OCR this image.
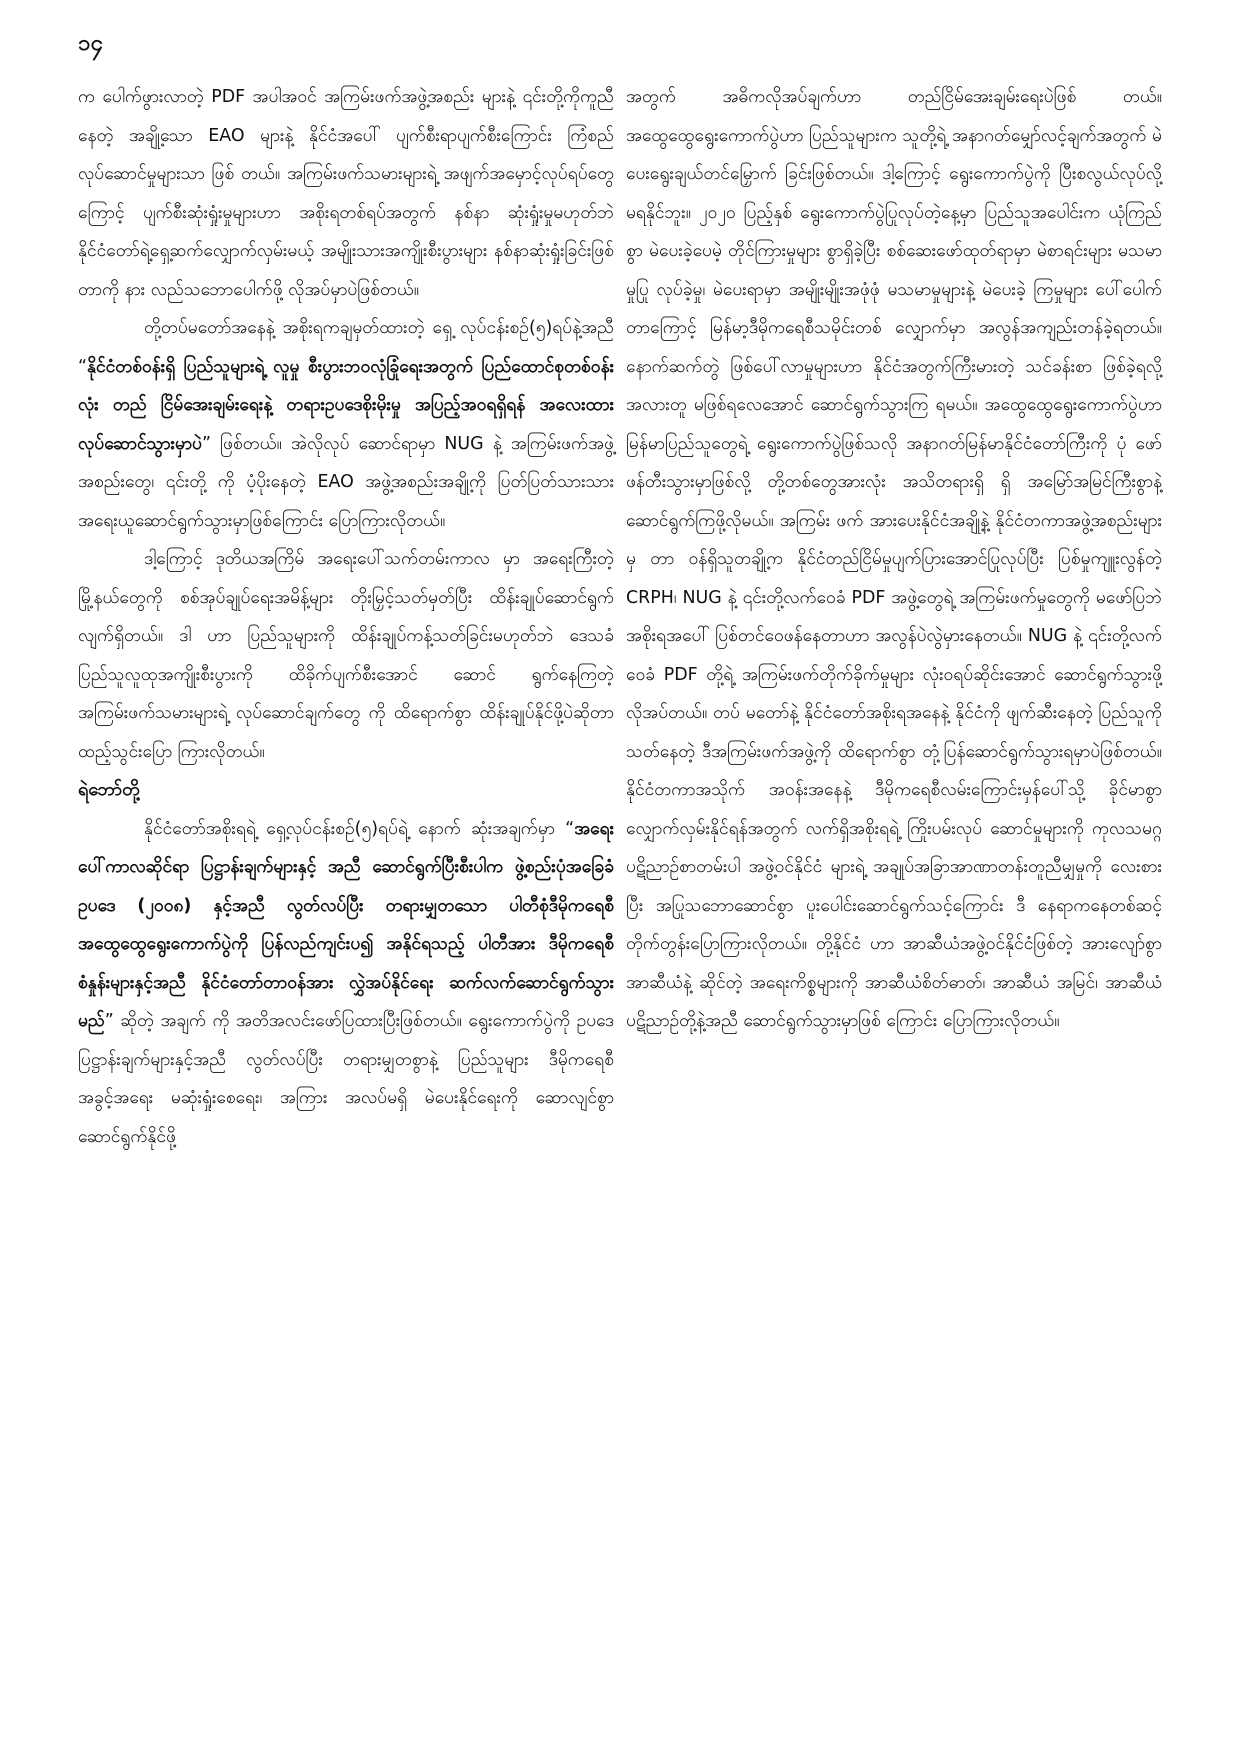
၁၄

က ပေါက်ဖွားလာတဲ့ PDF အပါအဝင် အကြမ်းဖက်အဖွဲ့အစည်း များနဲ့ ၎င်းတို့ကိုကူညီနေတဲ့ အချို့သော EAO များနဲ့ နိုင်ငံအပေါ် ပျက်စီးရာပျက်စီးကြောင်း ကြံစည်လုပ်ဆောင်မှုများသာ ဖြစ် တယ်။ အကြမ်းဖက်သမားများရဲ့ အဖျက်အမှောင့်လုပ်ရပ်တွေ ကြောင့် ပျက်စီးဆုံးရှုံးမှုများဟာ အစိုးရတစ်ရပ်အတွက် နစ်နာ ဆုံးရှုံးမှုမဟုတ်ဘဲ နိုင်ငံတော်ရဲ့ရှေ့ဆက်လျှောက်လှမ်းမယ့် အမျိုးသားအကျိုးစီးပွားများ နစ်နာဆုံးရှုံးခြင်းဖြစ်တာကို နား လည်သဘောပေါက်ဖို့ လိုအပ်မှာပဲဖြစ်တယ်။

တို့တပ်မတော်အနေနဲ့ အစိုးရကချမှတ်ထားတဲ့ ရှေ့ လုပ်ငန်းစဉ်(၅)ရပ်နဲ့အညီ “နိုင်ငံတစ်ဝန်းရှိ ပြည်သူများရဲ့ လူမှု စီးပွားဘဝလုံခြုံရေးအတွက် ပြည်ထောင်စုတစ်ဝန်းလုံး တည် ငြိမ်အေးချမ်းရေးနဲ့ တရားဥပဒေစိုးမိုးမှု အပြည့်အဝရရှိရန် အလေးထား လုပ်ဆောင်သွားမှာပဲ” ဖြစ်တယ်။ အဲလိုလုပ် ဆောင်ရာမှာ NUG နဲ့ အကြမ်းဖက်အဖွဲ့အစည်းတွေ၊ ၎င်းတို့ ကို ပံ့ပိုးနေတဲ့ EAO အဖွဲ့အစည်းအချို့ကို ပြတ်ပြတ်သားသား အရေးယူဆောင်ရွက်သွားမှာဖြစ်ကြောင်း ပြောကြားလိုတယ်။

ဒါ့ကြောင့် ဒုတိယအကြိမ် အရေးပေါ်သက်တမ်းကာလ မှာ အရေးကြီးတဲ့ မြို့နယ်တွေကို စစ်အုပ်ချုပ်ရေးအမိန့်များ တိုးမြှင့်သတ်မှတ်ပြီး ထိန်းချုပ်ဆောင်ရွက်လျက်ရှိတယ်။ ဒါ ဟာ ပြည်သူများကို ထိန်းချုပ်ကန့်သတ်ခြင်းမဟုတ်ဘဲ ဒေသခံ ပြည်သူလူထုအကျိုးစီးပွားကို ထိခိုက်ပျက်စီးအောင် ဆောင် ရွက်နေကြတဲ့ အကြမ်းဖက်သမားများရဲ့ လုပ်ဆောင်ချက်တွေ ကို ထိရောက်စွာ ထိန်းချုပ်နိုင်ဖို့ပဲဆိုတာ ထည့်သွင်းပြော ကြားလိုတယ်။

ရဲဘော်တို့

နိုင်ငံတော်အစိုးရရဲ့ ရှေ့လုပ်ငန်းစဉ်(၅)ရပ်ရဲ့ နောက် ဆုံးအချက်မှာ “အရေးပေါ်ကာလဆိုင်ရာ ပြဋ္ဌာန်းချက်များနှင့် အညီ ဆောင်ရွက်ပြီးစီးပါက ဖွဲ့စည်းပုံအခြေခံဥပဒေ (၂၀၀၈) နှင့်အညီ လွတ်လပ်ပြီး တရားမျှတသော ပါတီစုံဒီမိုကရေစီ အထွေထွေရွေးကောက်ပွဲကို ပြန်လည်ကျင်းပ၍ အနိုင်ရသည့် ပါတီအား ဒီမိုကရေစီစံနှုန်းများနှင့်အညီ နိုင်ငံတော်တာဝန်အား လွှဲအပ်နိုင်ရေး ဆက်လက်ဆောင်ရွက်သွားမည်” ဆိုတဲ့ အချက် ကို အတိအလင်းဖော်ပြထားပြီးဖြစ်တယ်။ ရွေးကောက်ပွဲကို ဥပဒေပြဋ္ဌာန်းချက်များနှင့်အညီ လွတ်လပ်ပြီး တရားမျှတစွာနဲ့ ပြည်သူများ ဒီမိုကရေစီအခွင့်အရေး မဆုံးရှုံးစေရေး၊ အကြား အလပ်မရှိ မဲပေးနိုင်ရေးကို ဆောလျင်စွာ ဆောင်ရွက်နိုင်ဖို့

အတွက် အဓိကလိုအပ်ချက်ဟာ တည်ငြိမ်အေးချမ်းရေးပဲဖြစ် တယ်။ အထွေထွေရွေးကောက်ပွဲဟာ ပြည်သူများက သူတို့ရဲ့ အနာဂတ်မျှော်လင့်ချက်အတွက် မဲပေးရွေးချယ်တင်မြှောက် ခြင်းဖြစ်တယ်။ ဒါ့ကြောင့် ရွေးကောက်ပွဲကို ပြီးစလွယ်လုပ်လို့ မရနိုင်ဘူး။ ၂၀၂၀ ပြည့်နှစ် ရွေးကောက်ပွဲပြုလုပ်တဲ့နေ့မှာ ပြည်သူအပေါင်းက ယုံကြည်စွာ မဲပေးခဲ့ပေမဲ့ တိုင်ကြားမှုများ စွာရှိခဲ့ပြီး စစ်ဆေးဖော်ထုတ်ရာမှာ မဲစာရင်းများ မသမာမှုပြု လုပ်ခဲ့မှု၊ မဲပေးရာမှာ အမျိုးမျိုးအဖုံဖုံ မသမာမှုများနဲ့ မဲပေးခဲ့ ကြမှုများ ပေါ်ပေါက်တာကြောင့် မြန်မာ့ဒီမိုကရေစီသမိုင်းတစ် လျှောက်မှာ အလွန်အကျည်းတန်ခဲ့ရတယ်။ နောက်ဆက်တွဲ ဖြစ်ပေါ်လာမှုများဟာ နိုင်ငံအတွက်ကြီးမားတဲ့ သင်ခန်းစာ ဖြစ်ခဲ့ရလို့ အလားတူ မဖြစ်ရလေအောင် ဆောင်ရွက်သွားကြ ရမယ်။ အထွေထွေရွေးကောက်ပွဲဟာ မြန်မာပြည်သူတွေရဲ့ ရွေးကောက်ပွဲဖြစ်သလို အနာဂတ်မြန်မာနိုင်ငံတော်ကြီးကို ပုံ ဖော်ဖန်တီးသွားမှာဖြစ်လို့ တို့တစ်တွေအားလုံး အသိတရားရှိ ရှိ အမြော်အမြင်ကြီးစွာနဲ့ ဆောင်ရွက်ကြဖို့လိုမယ်။ အကြမ်း ဖက် အားပေးနိုင်ငံအချို့နဲ့ နိုင်ငံတကာအဖွဲ့အစည်းများမှ တာ ဝန်ရှိသူတချို့က နိုင်ငံတည်ငြိမ်မှုပျက်ပြားအောင်ပြုလုပ်ပြီး ပြစ်မှုကျူးလွန်တဲ့ CRPH၊ NUG နဲ့ ၎င်းတို့လက်ဝေခံ PDF အဖွဲ့တွေရဲ့ အကြမ်းဖက်မှုတွေကို မဖော်ပြဘဲ အစိုးရအပေါ် ပြစ်တင်ဝေဖန်နေတာဟာ အလွန်ပဲလွဲမှားနေတယ်။ NUG နဲ့ ၎င်းတို့လက်ဝေခံ PDF တို့ရဲ့ အကြမ်းဖက်တိုက်ခိုက်မှုများ လုံးဝရပ်ဆိုင်းအောင် ဆောင်ရွက်သွားဖို့ လိုအပ်တယ်။ တပ် မတော်နဲ့ နိုင်ငံတော်အစိုးရအနေနဲ့ နိုင်ငံကို ဖျက်ဆီးနေတဲ့ ပြည်သူကို သတ်နေတဲ့ ဒီအကြမ်းဖက်အဖွဲ့ကို ထိရောက်စွာ တုံ့ပြန်ဆောင်ရွက်သွားရမှာပဲဖြစ်တယ်။ နိုင်ငံတကာအသိုက် အဝန်းအနေနဲ့ ဒီမိုကရေစီလမ်းကြောင်းမှန်ပေါ်သို့ ခိုင်မာစွာ လျှောက်လှမ်းနိုင်ရန်အတွက် လက်ရှိအစိုးရရဲ့ ကြိုးပမ်းလုပ် ဆောင်မှုများကို ကုလသမဂ္ဂပဋိညာဉ်စာတမ်းပါ အဖွဲ့ဝင်နိုင်ငံ များရဲ့ အချုပ်အခြာအာဏာတန်းတူညီမျှမှုကို လေးစားပြီး အပြုသဘောဆောင်စွာ ပူးပေါင်းဆောင်ရွက်သင့်ကြောင်း ဒီ နေရာကနေတစ်ဆင့် တိုက်တွန်းပြောကြားလိုတယ်။ တို့နိုင်ငံ ဟာ အာဆီယံအဖွဲ့ဝင်နိုင်ငံဖြစ်တဲ့ အားလျော်စွာ အာဆီယံနဲ့ ဆိုင်တဲ့ အရေးကိစ္စများကို အာဆီယံစိတ်ဓာတ်၊ အာဆီယံ အမြင်၊ အာဆီယံပဋိညာဉ်တို့နဲ့အညီ ဆောင်ရွက်သွားမှာဖြစ် ကြောင်း ပြောကြားလိုတယ်။
